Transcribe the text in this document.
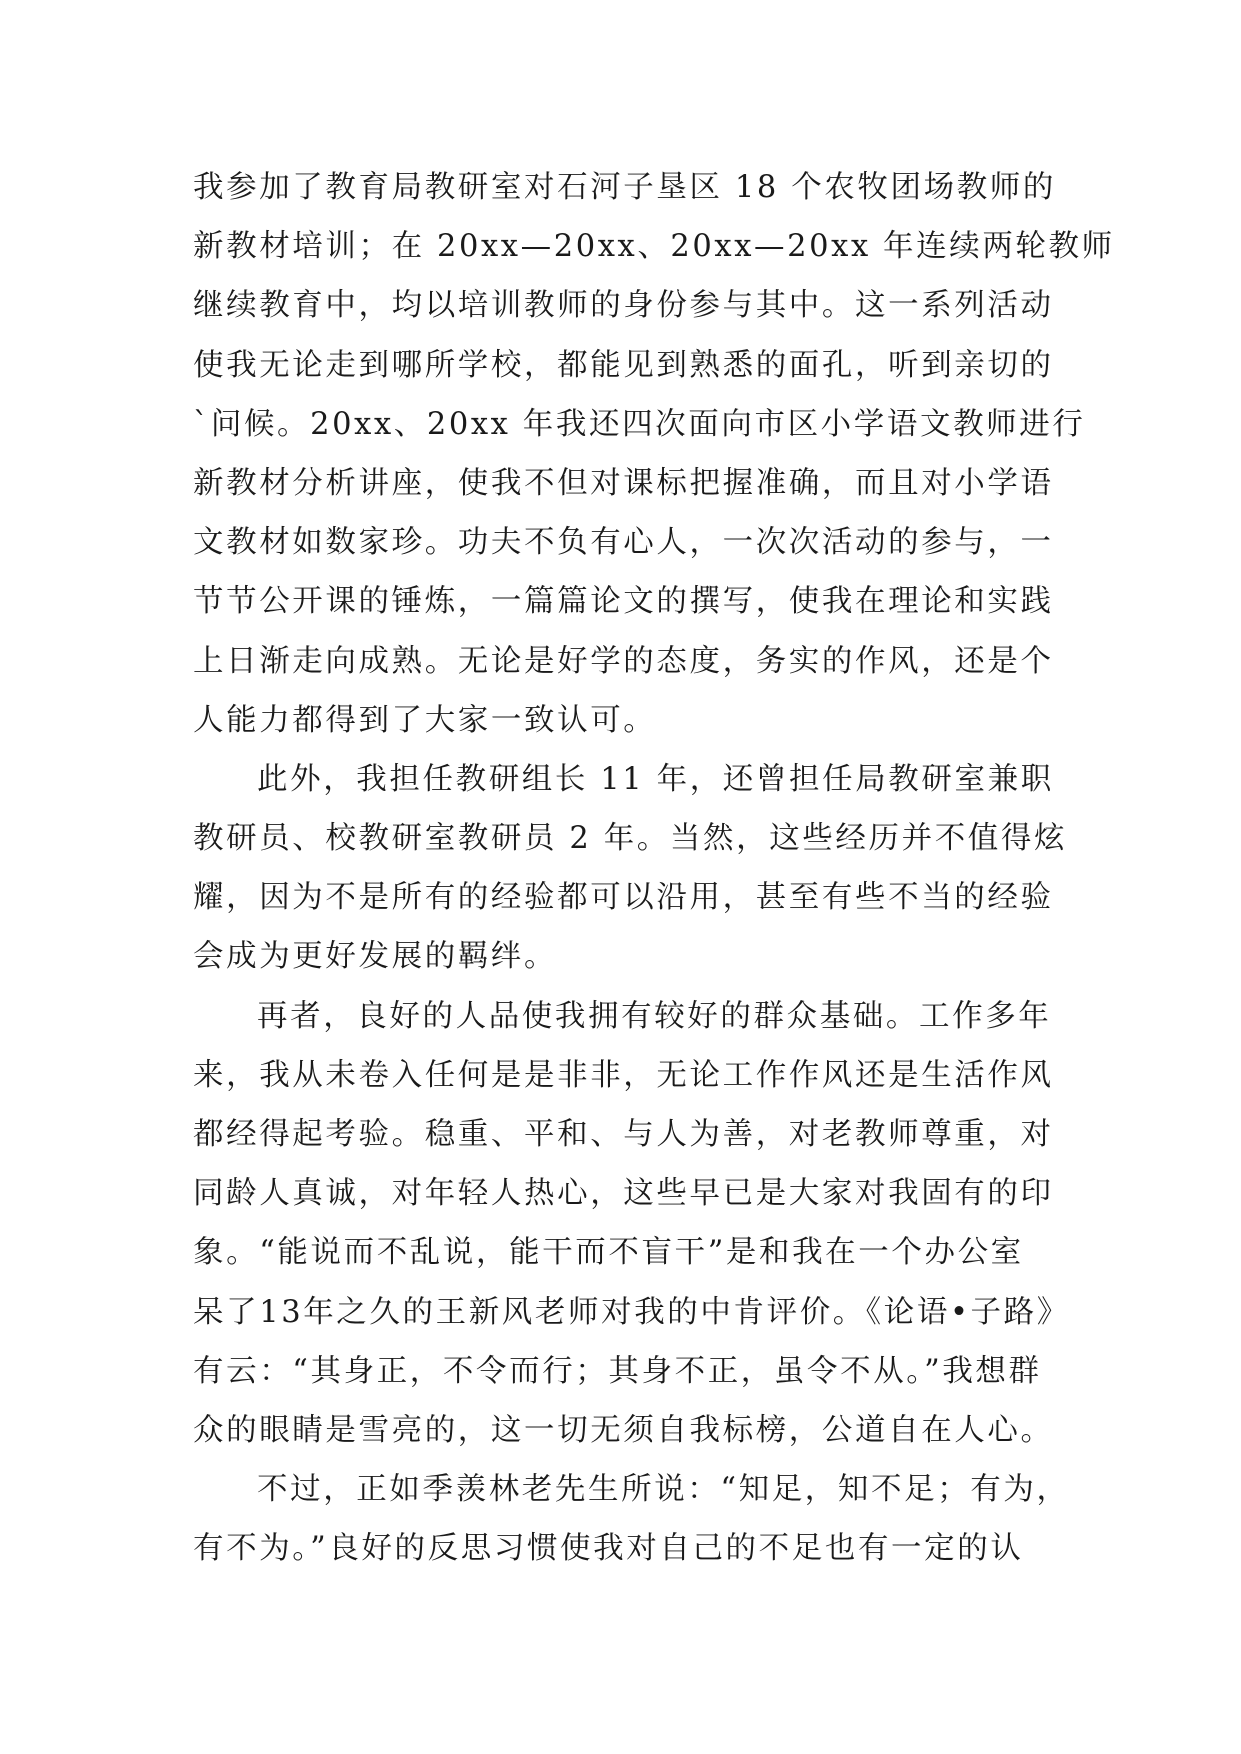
我参加了教育局教研室对石河子垦区 18 个农牧团场教师的
新教材培训；在 20xx—20xx、20xx—20xx 年连续两轮教师
继续教育中，均以培训教师的身份参与其中。这一系列活动
使我无论走到哪所学校，都能见到熟悉的面孔，听到亲切的
`问候。20xx、20xx 年我还四次面向市区小学语文教师进行
新教材分析讲座，使我不但对课标把握准确，而且对小学语
文教材如数家珍。功夫不负有心人，一次次活动的参与，一
节节公开课的锤炼，一篇篇论文的撰写，使我在理论和实践
上日渐走向成熟。无论是好学的态度，务实的作风，还是个
人能力都得到了大家一致认可。
此外，我担任教研组长 11 年，还曾担任局教研室兼职
教研员、校教研室教研员 2 年。当然，这些经历并不值得炫
耀，因为不是所有的经验都可以沿用，甚至有些不当的经验
会成为更好发展的羁绊。
再者，良好的人品使我拥有较好的群众基础。工作多年
来，我从未卷入任何是是非非，无论工作作风还是生活作风
都经得起考验。稳重、平和、与人为善，对老教师尊重，对
同龄人真诚，对年轻人热心，这些早已是大家对我固有的印
象。“能说而不乱说，能干而不盲干”是和我在一个办公室
呆了13年之久的王新风老师对我的中肯评价。《论语•子路》
有云：“其身正，不令而行；其身不正，虽令不从。”我想群
众的眼睛是雪亮的，这一切无须自我标榜，公道自在人心。
不过，正如季羡林老先生所说：“知足，知不足；有为，
有不为。”良好的反思习惯使我对自己的不足也有一定的认
